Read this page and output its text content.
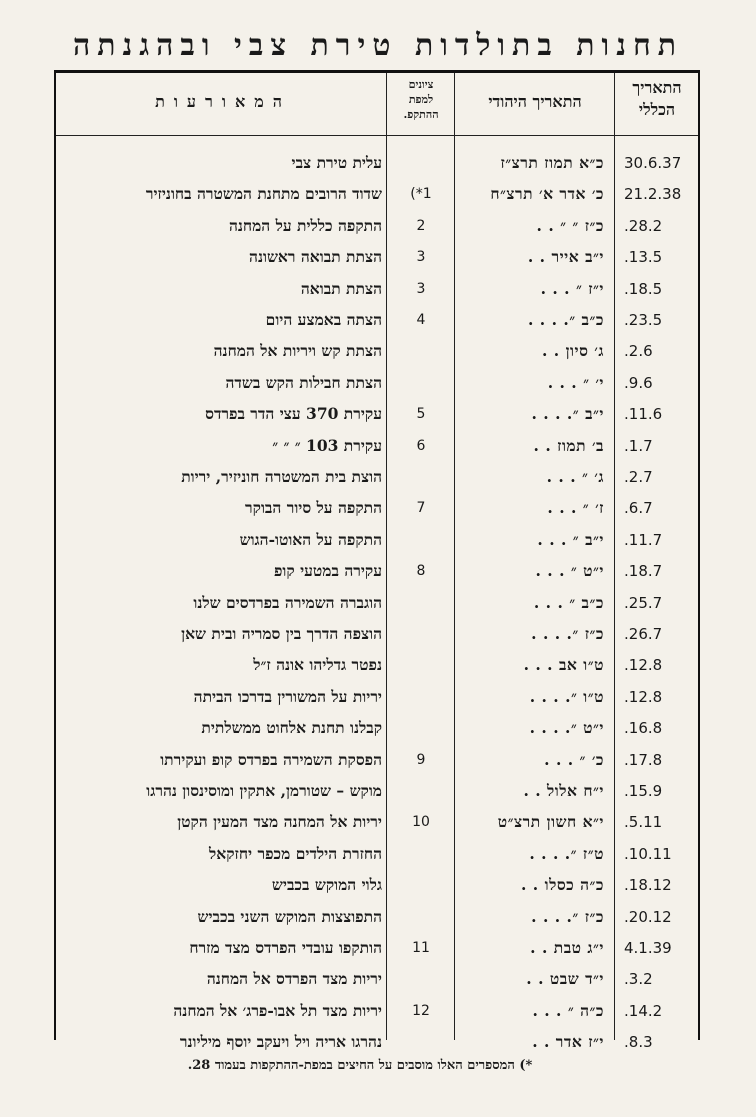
תחנות בתולדות טירת צבי ובהגנתה
התאריך
הכללי
התאריך היהודי
ציונים
למפת
ההתקפ.
המאורעות
30.6.37
כ״א תמוז תרצ״ז
עלית טירת צבי
21.2.38
כ׳ אדר א׳ תרצ״ח
1*)
שדוד הרובים מתחנת המשטרה בחוניזיר
28.2.
כ״ז ״ ״ . .
2
התקפה כללית על המחנה
13.5.
י״ב אייר . .
3
הצתת תבואה ראשונה
18.5.
י״ז ״ . . .
3
הצתת תבואה
23.5.
כ״ב ״. . . .
4
הצתה באמצע היום
2.6.
ג׳ סיון . .
הצתת קש ויריות אל המחנה
9.6.
י׳ ״ . . .
הצתת חבילות הקש בשדה
11.6.
י״ב ״. . . .
5
עקירת 370 עצי הדר בפרדס
1.7.
ב׳ תמוז . .
6
עקירת 103 ״ ״ ״
2.7.
ג׳ ״ . . .
הוצת בית המשטרה חוניזיר, יריות
6.7.
ז׳ ״ . . .
7
התקפה על סיור הבוקר
11.7.
י״ב ״ . . .
התקפה על האוטו-הגוש
18.7.
י״ט ״ . . .
8
עקירה במטעי קופ
25.7.
כ״ב ״ . . .
הוגברה השמירה בפרדסים שלנו
26.7.
כ״ז ״. . . .
הוצפה הדרך בין סמריה ובית שאן
12.8.
ט״ו אב . . .
נפטר גדליהו אונה ז״ל
12.8.
ט״ו ״. . . .
יריות על המשורין בדרכו הביתה
16.8.
י״ט ״. . . .
קבלנו תחנת אלחוט ממשלתית
17.8.
כ׳ ״ . . .
9
הפסקת השמירה בפרדס קופ ועקירתו
15.9.
י״ח אלול . .
מוקש – שטורמן, אתקין ומוסינסון נהרגו
5.11.
י״א חשון תרצ״ט
10
יריות אל המחנה מצד המעין הקטן
10.11.
ט״ז ״. . . .
החזרת הילדים מכפר יחזקאל
18.12.
כ״ה כסלו . .
גלוי המוקש בכביש
20.12.
כ״ז ״. . . .
התפוצצות המוקש השני בכביש
4.1.39
י״ג טבת . .
11
הותקפו עובדי הפרדס מצד מזרח
3.2.
י״ד שבט . .
יריות מצד הפרדס אל המחנה
14.2.
כ״ה ״ . . .
12
יריות מצד תל אבו-פרג׳ אל המחנה
8.3.
י״ז אדר . .
נהרגו אריה ויל ויעקב יוסף מיליונר
*) המספרים האלו מוסבים על החיצים במפת-ההתקפות בעמוד 28.
